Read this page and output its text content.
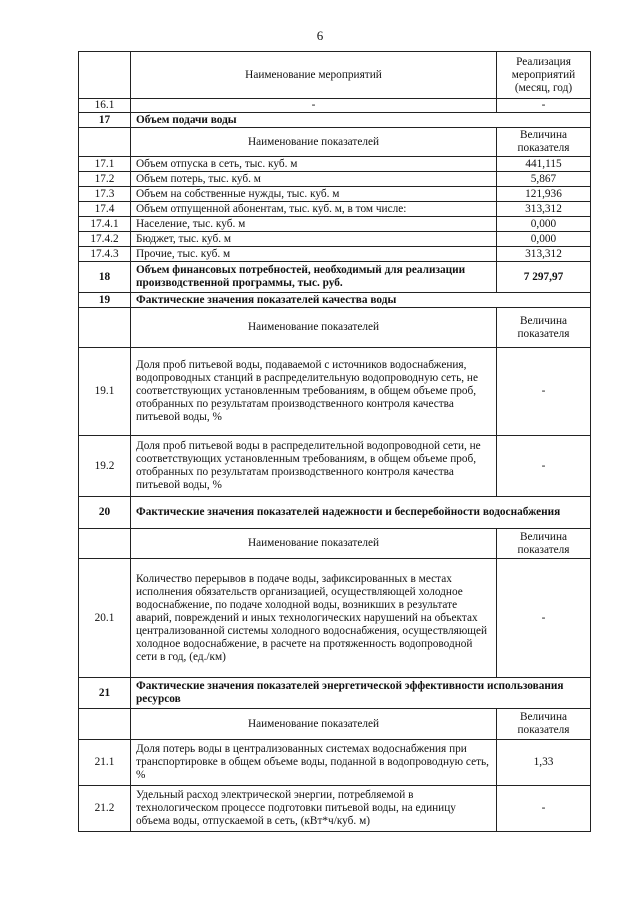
6
	Наименование мероприятий	Реализация мероприятий (месяц, год)
16.1	-	-
17	Объем подачи воды	
	Наименование показателей	Величина показателя
17.1	Объем отпуска в сеть, тыс. куб. м	441,115
17.2	Объем потерь, тыс. куб. м	5,867
17.3	Объем на собственные нужды, тыс. куб. м	121,936
17.4	Объем отпущенной абонентам, тыс. куб. м, в том числе:	313,312
17.4.1	Население, тыс. куб. м	0,000
17.4.2	Бюджет, тыс. куб. м	0,000
17.4.3	Прочие, тыс. куб. м	313,312
18	Объем финансовых потребностей, необходимый для реализации производственной программы, тыс. руб.	7 297,97
19	Фактические значения показателей качества воды	
	Наименование показателей	Величина показателя
19.1	Доля проб питьевой воды, подаваемой с источников водоснабжения, водопроводных станций в распределительную водопроводную сеть, не соответствующих установленным требованиям, в общем объеме проб, отобранных по результатам производственного контроля качества питьевой воды, %	-
19.2	Доля проб питьевой воды в распределительной водопроводной сети, не соответствующих установленным требованиям, в общем объеме проб, отобранных по результатам производственного контроля качества питьевой воды, %	-
20	Фактические значения показателей надежности и бесперебойности водоснабжения	
	Наименование показателей	Величина показателя
20.1	Количество перерывов в подаче воды, зафиксированных в местах исполнения обязательств организацией, осуществляющей холодное водоснабжение, по подаче холодной воды, возникших в результате аварий, повреждений и иных технологических нарушений на объектах централизованной системы холодного водоснабжения, осуществляющей холодное водоснабжение, в расчете на протяженность водопроводной сети в год, (ед./км)	-
21	Фактические значения показателей энергетической эффективности использования ресурсов	
	Наименование показателей	Величина показателя
21.1	Доля потерь воды в централизованных системах водоснабжения при транспортировке в общем объеме воды, поданной в водопроводную сеть, %	1,33
21.2	Удельный расход электрической энергии, потребляемой в технологическом процессе подготовки питьевой воды, на единицу объема воды, отпускаемой в сеть, (кВт*ч/куб. м)	-
